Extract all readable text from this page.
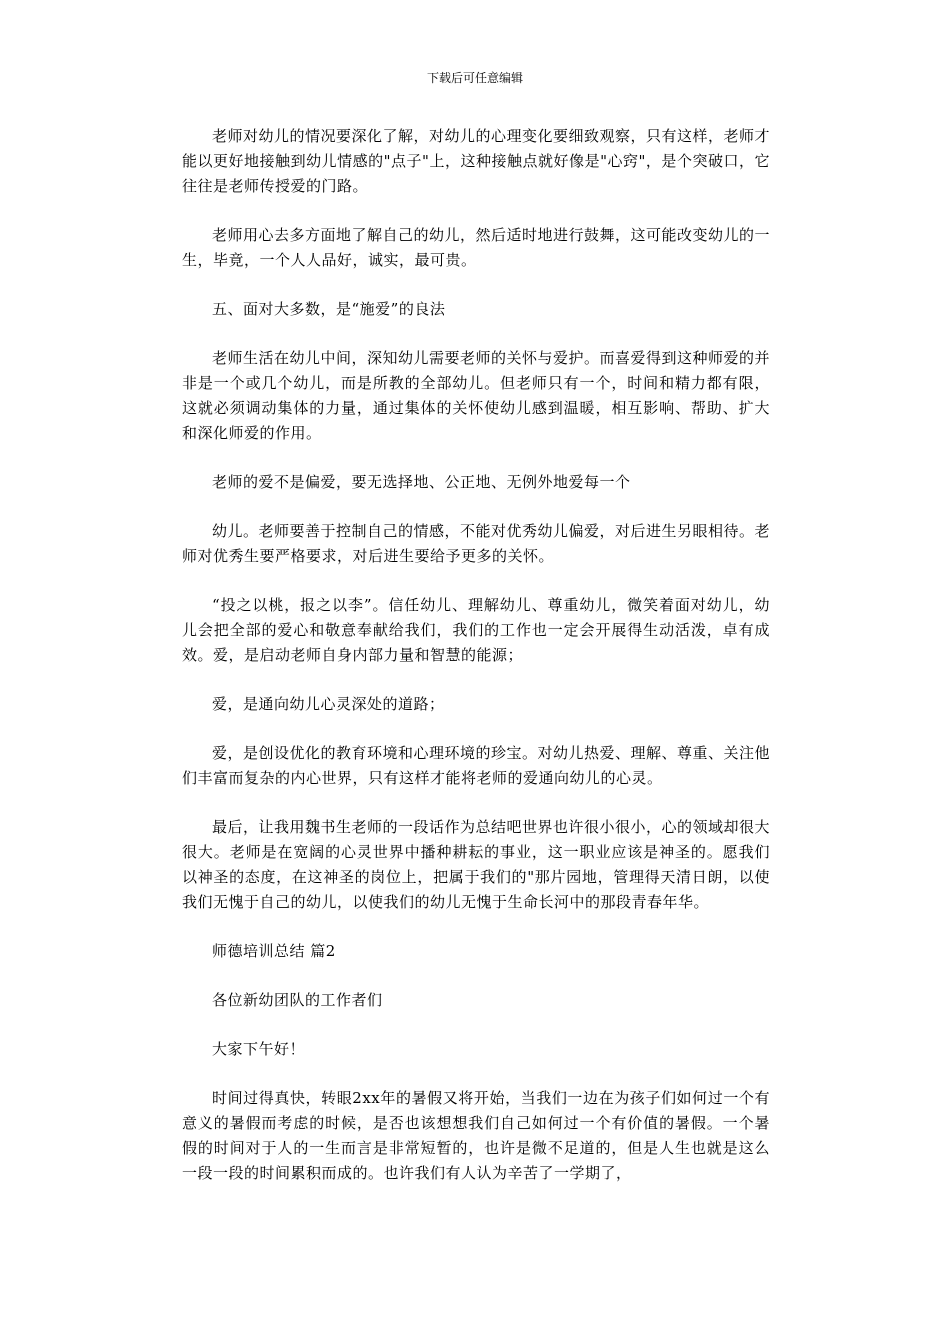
下载后可任意编辑

老师对幼儿的情况要深化了解，对幼儿的心理变化要细致观察，只有这样，老师才能以更好地接触到幼儿情感的"点子"上，这种接触点就好像是"心窍"，是个突破口，它往往是老师传授爱的门路。

老师用心去多方面地了解自己的幼儿，然后适时地进行鼓舞，这可能改变幼儿的一生，毕竟，一个人人品好，诚实，最可贵。

五、面对大多数，是“施爱”的良法

老师生活在幼儿中间，深知幼儿需要老师的关怀与爱护。而喜爱得到这种师爱的并非是一个或几个幼儿，而是所教的全部幼儿。但老师只有一个，时间和精力都有限，这就必须调动集体的力量，通过集体的关怀使幼儿感到温暖，相互影响、帮助、扩大和深化师爱的作用。

老师的爱不是偏爱，要无选择地、公正地、无例外地爱每一个

幼儿。老师要善于控制自己的情感，不能对优秀幼儿偏爱，对后进生另眼相待。老师对优秀生要严格要求，对后进生要给予更多的关怀。

“投之以桃，报之以李”。信任幼儿、理解幼儿、尊重幼儿，微笑着面对幼儿，幼儿会把全部的爱心和敬意奉献给我们，我们的工作也一定会开展得生动活泼，卓有成效。爱，是启动老师自身内部力量和智慧的能源；

爱，是通向幼儿心灵深处的道路；

爱，是创设优化的教育环境和心理环境的珍宝。对幼儿热爱、理解、尊重、关注他们丰富而复杂的内心世界，只有这样才能将老师的爱通向幼儿的心灵。

最后，让我用魏书生老师的一段话作为总结吧世界也许很小很小，心的领域却很大很大。老师是在宽阔的心灵世界中播种耕耘的事业，这一职业应该是神圣的。愿我们以神圣的态度，在这神圣的岗位上，把属于我们的"那片园地，管理得天清日朗，以使我们无愧于自己的幼儿，以使我们的幼儿无愧于生命长河中的那段青春年华。

师德培训总结 篇2

各位新幼团队的工作者们

大家下午好！

时间过得真快，转眼2xx年的暑假又将开始，当我们一边在为孩子们如何过一个有意义的暑假而考虑的时候，是否也该想想我们自己如何过一个有价值的暑假。一个暑假的时间对于人的一生而言是非常短暂的，也许是微不足道的，但是人生也就是这么一段一段的时间累积而成的。也许我们有人认为辛苦了一学期了，
